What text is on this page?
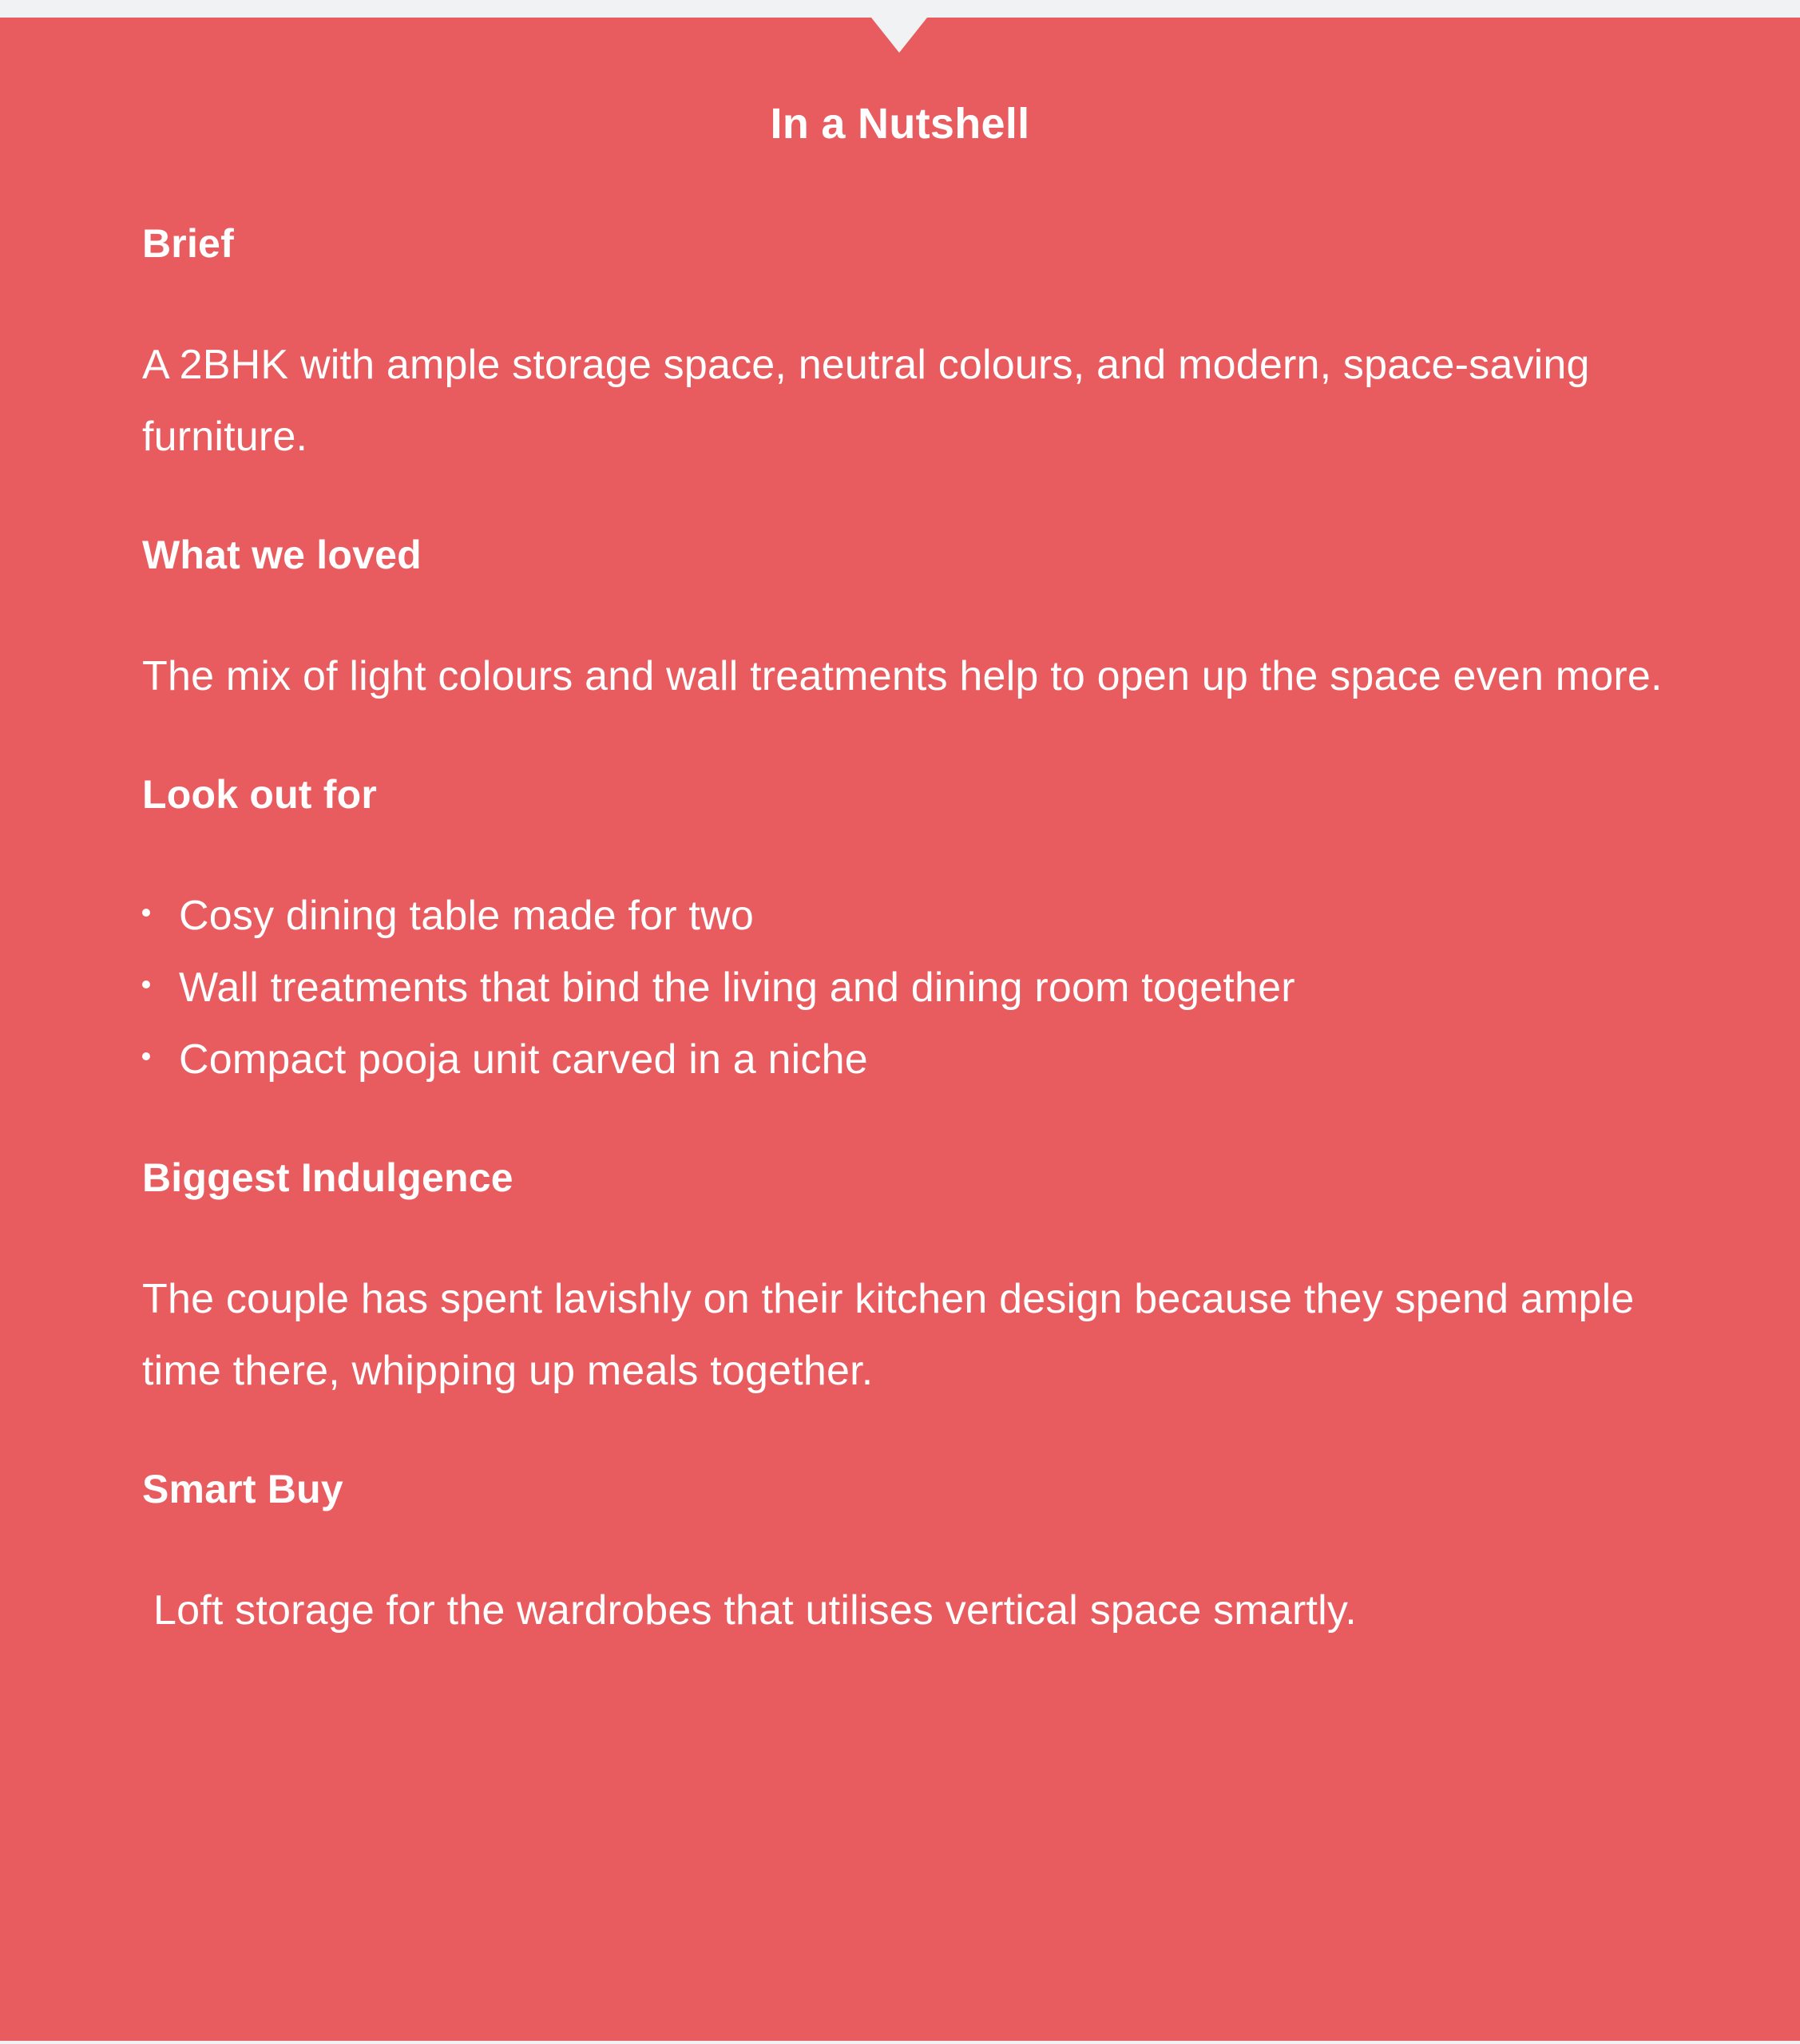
In a Nutshell
Brief

A 2BHK with ample storage space, neutral colours, and modern, space-saving furniture.

What we loved

The mix of light colours and wall treatments help to open up the space even more.

Look out for
Cosy dining table made for two
Wall treatments that bind the living and dining room together
Compact pooja unit carved in a niche
Biggest Indulgence

The couple has spent lavishly on their kitchen design because they spend ample time there, whipping up meals together.

Smart Buy

Loft storage for the wardrobes that utilises vertical space smartly.
